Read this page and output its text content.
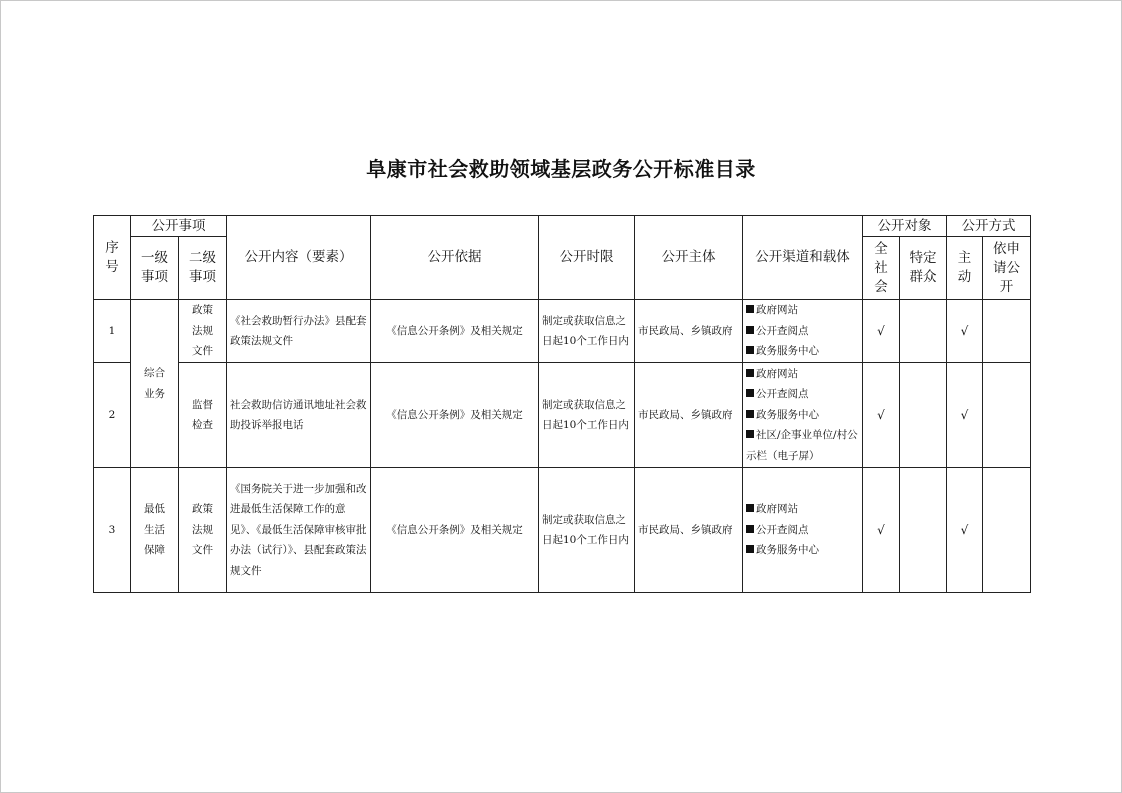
阜康市社会救助领域基层政务公开标准目录
序号	公开事项		公开内容（要素）	公开依据	公开时限	公开主体	公开渠道和载体	公开对象		公开方式	
	一级事项	二级事项						全社会	特定群众	主动	依申请公开
1	综合业务	政策法规文件	《社会救助暂行办法》县配套政策法规文件	《信息公开条例》及相关规定	制定或获取信息之日起10个工作日内	市民政局、乡镇政府	政府网站
公开查阅点
政务服务中心	√		√	
2		监督检查	社会救助信访通讯地址社会救助投诉举报电话	《信息公开条例》及相关规定	制定或获取信息之日起10个工作日内	市民政局、乡镇政府	政府网站
公开查阅点
政务服务中心
社区/企事业单位/村公示栏（电子屏）	√		√	
3	最低生活保障	政策法规文件	《国务院关于进一步加强和改进最低生活保障工作的意见》、《最低生活保障审核审批办法（试行）》、县配套政策法规文件	《信息公开条例》及相关规定	制定或获取信息之日起10个工作日内	市民政局、乡镇政府	政府网站
公开查阅点
政务服务中心	√		√	
